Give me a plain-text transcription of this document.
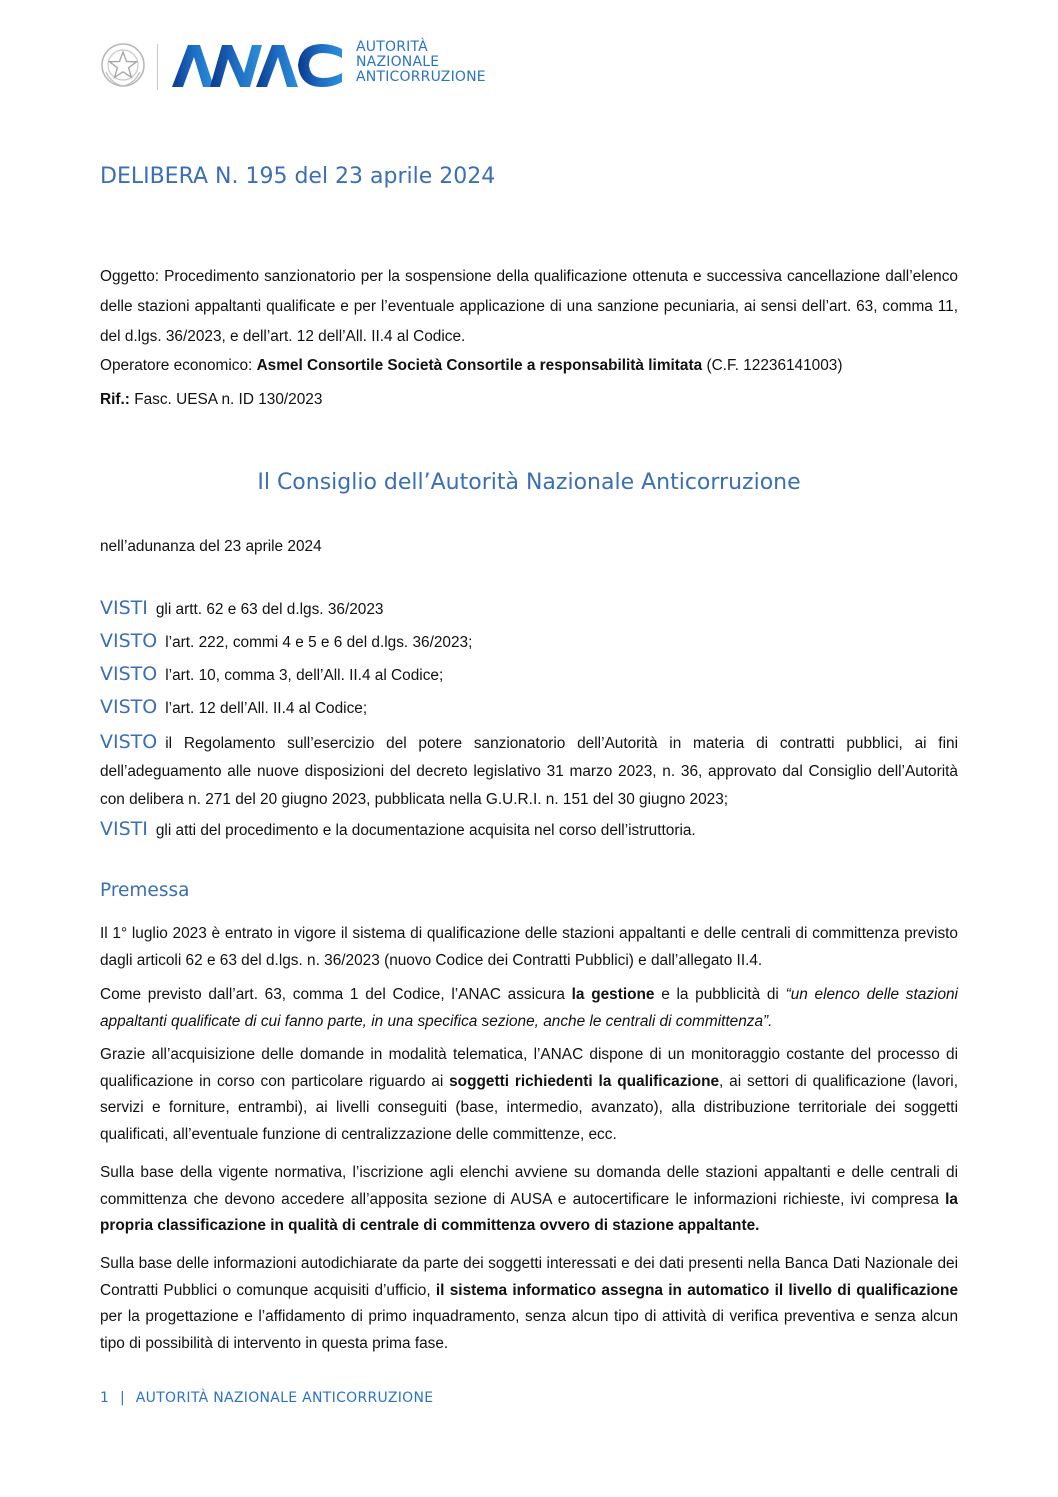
AUTORITÀ
NAZIONALE
ANTICORRUZIONE
DELIBERA N. 195 del 23 aprile 2024
Oggetto: Procedimento sanzionatorio per la sospensione della qualificazione ottenuta e successiva cancellazione dall’elenco delle stazioni appaltanti qualificate e per l’eventuale applicazione di una sanzione pecuniaria, ai sensi dell’art. 63, comma 11, del d.lgs. 36/2023, e dell’art. 12 dell’All. II.4 al Codice.
Operatore economico: Asmel Consortile Società Consortile a responsabilità limitata (C.F. 12236141003)
Rif.: Fasc. UESA n. ID 130/2023
Il Consiglio dell’Autorità Nazionale Anticorruzione
nell’adunanza del 23 aprile 2024
VISTI gli artt. 62 e 63 del d.lgs. 36/2023
VISTO l’art. 222, commi 4 e 5 e 6 del d.lgs. 36/2023;
VISTO l’art. 10, comma 3, dell’All. II.4 al Codice;
VISTO l’art. 12 dell’All. II.4 al Codice;
VISTO il Regolamento sull’esercizio del potere sanzionatorio dell’Autorità in materia di contratti pubblici, ai fini dell’adeguamento alle nuove disposizioni del decreto legislativo 31 marzo 2023, n. 36, approvato dal Consiglio dell’Autorità con delibera n. 271 del 20 giugno 2023, pubblicata nella G.U.R.I. n. 151 del 30 giugno 2023;
VISTI gli atti del procedimento e la documentazione acquisita nel corso dell’istruttoria.
Premessa
Il 1° luglio 2023 è entrato in vigore il sistema di qualificazione delle stazioni appaltanti e delle centrali di committenza previsto dagli articoli 62 e 63 del d.lgs. n. 36/2023 (nuovo Codice dei Contratti Pubblici) e dall’allegato II.4.
Come previsto dall’art. 63, comma 1 del Codice, l’ANAC assicura la gestione e la pubblicità di “un elenco delle stazioni appaltanti qualificate di cui fanno parte, in una specifica sezione, anche le centrali di committenza”.
Grazie all’acquisizione delle domande in modalità telematica, l’ANAC dispone di un monitoraggio costante del processo di qualificazione in corso con particolare riguardo ai soggetti richiedenti la qualificazione, ai settori di qualificazione (lavori, servizi e forniture, entrambi), ai livelli conseguiti (base, intermedio, avanzato), alla distribuzione territoriale dei soggetti qualificati, all’eventuale funzione di centralizzazione delle committenze, ecc.
Sulla base della vigente normativa, l’iscrizione agli elenchi avviene su domanda delle stazioni appaltanti e delle centrali di committenza che devono accedere all’apposita sezione di AUSA e autocertificare le informazioni richieste, ivi compresa la propria classificazione in qualità di centrale di committenza ovvero di stazione appaltante.
Sulla base delle informazioni autodichiarate da parte dei soggetti interessati e dei dati presenti nella Banca Dati Nazionale dei Contratti Pubblici o comunque acquisiti d’ufficio, il sistema informatico assegna in automatico il livello di qualificazione per la progettazione e l’affidamento di primo inquadramento, senza alcun tipo di attività di verifica preventiva e senza alcun tipo di possibilità di intervento in questa prima fase.
1 | AUTORITÀ NAZIONALE ANTICORRUZIONE
